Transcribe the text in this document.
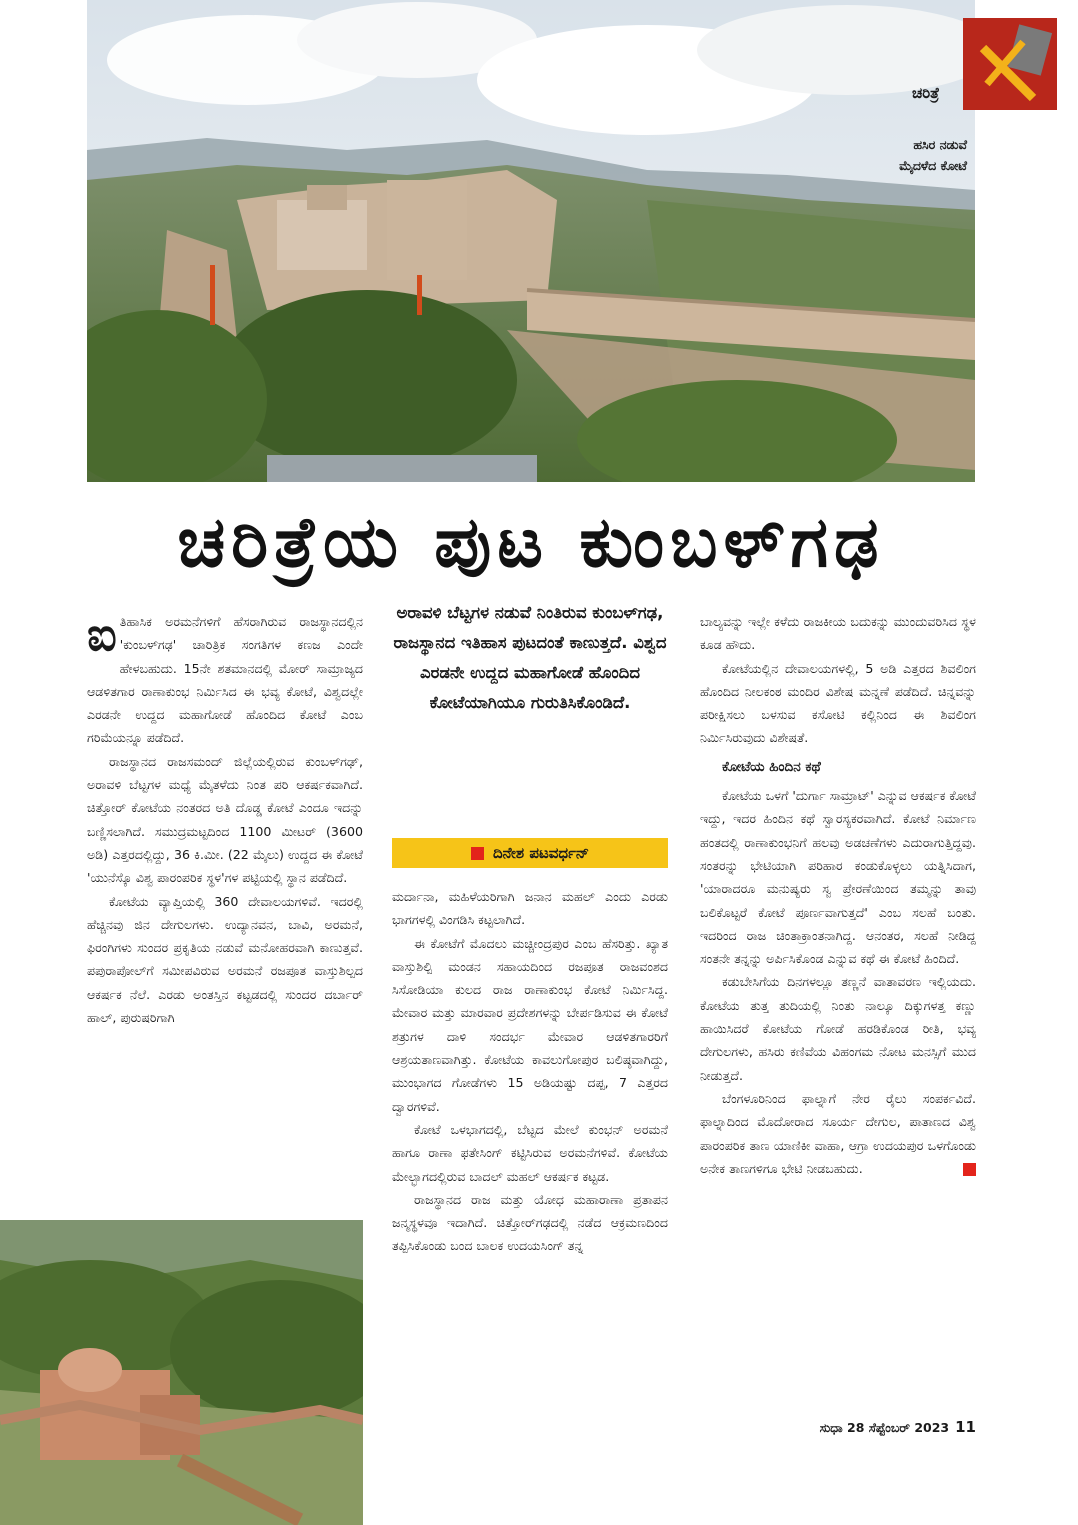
ಚರಿತ್ರೆ
ಹಸಿರ ನಡುವೆ
ಮೈದಳೆದ ಕೋಟೆ
ಚರಿತ್ರೆಯ ಪುಟ ಕುಂಬಳ್‌ಗಢ

ಐತಿಹಾಸಿಕ ಅರಮನೆಗಳಿಗೆ ಹೆಸರಾಗಿರುವ ರಾಜಸ್ಥಾನದಲ್ಲಿನ 'ಕುಂಬಳ್‌ಗಢ' ಚಾರಿತ್ರಿಕ ಸಂಗತಿಗಳ ಕಣಜ ಎಂದೇ ಹೇಳಬಹುದು. 15ನೇ ಶತಮಾನದಲ್ಲಿ ಮೋರ್ ಸಾಮ್ರಾಜ್ಯದ ಆಡಳಿತಗಾರ ರಾಣಾಕುಂಭ ನಿರ್ಮಿಸಿದ ಈ ಭವ್ಯ ಕೋಟೆ, ವಿಶ್ವದಲ್ಲೇ ಎರಡನೇ ಉದ್ದದ ಮಹಾಗೋಡೆ ಹೊಂದಿದ ಕೋಟೆ ಎಂಬ ಗರಿಮೆಯನ್ನೂ ಪಡೆದಿದೆ.

ರಾಜಸ್ಥಾನದ ರಾಜಸಮಂದ್ ಜಿಲ್ಲೆಯಲ್ಲಿರುವ ಕುಂಬಳ್‌ಗಢ್, ಅರಾವಳಿ ಬೆಟ್ಟಗಳ ಮಧ್ಯೆ ಮೈತಳೆದು ನಿಂತ ಪರಿ ಆಕರ್ಷಕವಾಗಿದೆ. ಚಿತ್ತೋರ್ ಕೋಟೆಯ ನಂತರದ ಅತಿ ದೊಡ್ಡ ಕೋಟೆ ಎಂದೂ ಇದನ್ನು ಬಣ್ಣಿಸಲಾಗಿದೆ. ಸಮುದ್ರಮಟ್ಟದಿಂದ 1100 ಮೀಟರ್ (3600 ಅಡಿ) ಎತ್ತರದಲ್ಲಿದ್ದು, 36 ಕಿ.ಮೀ. (22 ಮೈಲು) ಉದ್ದದ ಈ ಕೋಟೆ 'ಯುನೆಸ್ಕೊ ವಿಶ್ವ ಪಾರಂಪರಿಕ ಸ್ಥಳ'ಗಳ ಪಟ್ಟಿಯಲ್ಲಿ ಸ್ಥಾನ ಪಡೆದಿದೆ.

ಕೋಟೆಯ ವ್ಯಾಪ್ತಿಯಲ್ಲಿ 360 ದೇವಾಲಯಗಳಿವೆ. ಇದರಲ್ಲಿ ಹೆಚ್ಚಿನವು ಜಿನ ದೇಗುಲಗಳು. ಉದ್ಯಾನವನ, ಬಾವಿ, ಅರಮನೆ, ಫಿರಂಗಿಗಳು ಸುಂದರ ಪ್ರಕೃತಿಯ ನಡುವೆ ಮನೋಹರವಾಗಿ ಕಾಣುತ್ತವೆ. ಪಪುರಾಪೋಲ್‌ಗೆ ಸಮೀಪವಿರುವ ಅರಮನೆ ರಜಪೂತ ವಾಸ್ತುಶಿಲ್ಪದ ಆಕರ್ಷಕ ನೆಲೆ. ಎರಡು ಅಂತಸ್ತಿನ ಕಟ್ಟಡದಲ್ಲಿ ಸುಂದರ ದರ್ಬಾರ್ ಹಾಲ್, ಪುರುಷರಿಗಾಗಿ

ಅರಾವಳಿ ಬೆಟ್ಟಗಳ ನಡುವೆ ನಿಂತಿರುವ ಕುಂಬಳ್‌ಗಢ, ರಾಜಸ್ಥಾನದ ಇತಿಹಾಸ ಪುಟದಂತೆ ಕಾಣುತ್ತದೆ. ವಿಶ್ವದ ಎರಡನೇ ಉದ್ದದ ಮಹಾಗೋಡೆ ಹೊಂದಿದ ಕೋಟೆಯಾಗಿಯೂ ಗುರುತಿಸಿಕೊಂಡಿದೆ.
ದಿನೇಶ ಪಟವರ್ಧನ್

ಮರ್ದಾನಾ, ಮಹಿಳೆಯರಿಗಾಗಿ ಜನಾನ ಮಹಲ್ ಎಂದು ಎರಡು ಭಾಗಗಳಲ್ಲಿ ವಿಂಗಡಿಸಿ ಕಟ್ಟಲಾಗಿದೆ.

ಈ ಕೋಟೆಗೆ ಮೊದಲು ಮಚ್ಚೀಂದ್ರಪುರ ಎಂಬ ಹೆಸರಿತ್ತು. ಖ್ಯಾತ ವಾಸ್ತುಶಿಲ್ಪಿ ಮಂಡನ ಸಹಾಯದಿಂದ ರಜಪೂತ ರಾಜವಂಶದ ಸಿಸೋಡಿಯಾ ಕುಲದ ರಾಜ ರಾಣಾಕುಂಭ ಕೋಟೆ ನಿರ್ಮಿಸಿದ್ದ. ಮೇವಾರ ಮತ್ತು ಮಾರವಾರ ಪ್ರದೇಶಗಳನ್ನು ಬೇರ್ಪಡಿಸುವ ಈ ಕೋಟೆ ಶತ್ರುಗಳ ದಾಳಿ ಸಂದರ್ಭ ಮೇವಾರ ಆಡಳಿತಗಾರರಿಗೆ ಆಶ್ರಯತಾಣವಾಗಿತ್ತು. ಕೋಟೆಯ ಕಾವಲುಗೋಪುರ ಬಲಿಷ್ಠವಾಗಿದ್ದು, ಮುಂಭಾಗದ ಗೋಡೆಗಳು 15 ಅಡಿಯಷ್ಟು ದಪ್ಪ, 7 ಎತ್ತರದ ದ್ವಾರಗಳಿವೆ.

ಕೋಟೆ ಒಳಭಾಗದಲ್ಲಿ, ಬೆಟ್ಟದ ಮೇಲೆ ಕುಂಭನ್ ಅರಮನೆ ಹಾಗೂ ರಾಣಾ ಫತೇಸಿಂಗ್ ಕಟ್ಟಿಸಿರುವ ಅರಮನೆಗಳಿವೆ. ಕೋಟೆಯ ಮೇಲ್ಭಾಗದಲ್ಲಿರುವ ಬಾದಲ್ ಮಹಲ್ ಆಕರ್ಷಕ ಕಟ್ಟಡ.

ರಾಜಸ್ಥಾನದ ರಾಜ ಮತ್ತು ಯೋಧ ಮಹಾರಾಣಾ ಪ್ರತಾಪನ ಜನ್ಮಸ್ಥಳವೂ ಇದಾಗಿದೆ. ಚಿತ್ತೋರ್‌ಗಢದಲ್ಲಿ ನಡೆದ ಆಕ್ರಮಣದಿಂದ ತಪ್ಪಿಸಿಕೊಂಡು ಬಂದ ಬಾಲಕ ಉದಯಸಿಂಗ್ ತನ್ನ

ಬಾಲ್ಯವನ್ನು ಇಲ್ಲೇ ಕಳೆದು ರಾಜಕೀಯ ಬದುಕನ್ನು ಮುಂದುವರಿಸಿದ ಸ್ಥಳ ಕೂಡ ಹೌದು.

ಕೋಟೆಯಲ್ಲಿನ ದೇವಾಲಯಗಳಲ್ಲಿ, 5 ಅಡಿ ಎತ್ತರದ ಶಿವಲಿಂಗ ಹೊಂದಿದ ನೀಲಕಂಠ ಮಂದಿರ ವಿಶೇಷ ಮನ್ನಣೆ ಪಡೆದಿದೆ. ಚಿನ್ನವನ್ನು ಪರೀಕ್ಷಿಸಲು ಬಳಸುವ ಕಸೋಟಿ ಕಲ್ಲಿನಿಂದ ಈ ಶಿವಲಿಂಗ ನಿರ್ಮಿಸಿರುವುದು ವಿಶೇಷತೆ.

ಕೋಟೆಯ ಹಿಂದಿನ ಕಥೆ

ಕೋಟೆಯ ಒಳಗೆ 'ದುರ್ಗಾ ಸಾಮ್ರಾಟ್' ಎನ್ನುವ ಆಕರ್ಷಕ ಕೋಟೆ ಇದ್ದು, ಇದರ ಹಿಂದಿನ ಕಥೆ ಸ್ವಾರಸ್ಯಕರವಾಗಿದೆ. ಕೋಟೆ ನಿರ್ಮಾಣ ಹಂತದಲ್ಲಿ ರಾಣಾಕುಂಭನಿಗೆ ಹಲವು ಅಡಚಣೆಗಳು ಎದುರಾಗುತ್ತಿದ್ದವು. ಸಂತರನ್ನು ಭೇಟಿಯಾಗಿ ಪರಿಹಾರ ಕಂಡುಕೊಳ್ಳಲು ಯತ್ನಿಸಿದಾಗ, 'ಯಾರಾದರೂ ಮನುಷ್ಯರು ಸ್ವ ಪ್ರೇರಣೆಯಿಂದ ತಮ್ಮನ್ನು ತಾವು ಬಲಿಕೊಟ್ಟರೆ ಕೋಟೆ ಪೂರ್ಣವಾಗುತ್ತದೆ' ಎಂಬ ಸಲಹೆ ಬಂತು. ಇದರಿಂದ ರಾಜ ಚಿಂತಾಕ್ರಾಂತನಾಗಿದ್ದ. ಆನಂತರ, ಸಲಹೆ ನೀಡಿದ್ದ ಸಂತನೇ ತನ್ನನ್ನು ಅರ್ಪಿಸಿಕೊಂಡ ಎನ್ನುವ ಕಥೆ ಈ ಕೋಟೆ ಹಿಂದಿದೆ.

ಕಡುಬೇಸಿಗೆಯ ದಿನಗಳಲ್ಲೂ ತಣ್ಣನೆ ವಾತಾವರಣ ಇಲ್ಲಿಯದು. ಕೋಟೆಯ ತುತ್ತ ತುದಿಯಲ್ಲಿ ನಿಂತು ನಾಲ್ಕೂ ದಿಕ್ಕುಗಳತ್ತ ಕಣ್ಣು ಹಾಯಿಸಿದರೆ ಕೋಟೆಯ ಗೋಡೆ ಹರಡಿಕೊಂಡ ರೀತಿ, ಭವ್ಯ ದೇಗುಲಗಳು, ಹಸಿರು ಕಣಿವೆಯ ವಿಹಂಗಮ ನೋಟ ಮನಸ್ಸಿಗೆ ಮುದ ನೀಡುತ್ತದೆ.

ಬೆಂಗಳೂರಿನಿಂದ ಫಾಲ್ನಾಗೆ ನೇರ ರೈಲು ಸಂಪರ್ಕವಿದೆ. ಫಾಲ್ನಾದಿಂದ ಮೊದೋರಾದ ಸೂರ್ಯ ದೇಗುಲ, ಪಾತಾಣದ ವಿಶ್ವ ಪಾರಂಪರಿಕ ತಾಣ ಯಾಣಿಕೀ ವಾಹಾ, ಆಗ್ರಾ ಉದಯಪುರ ಒಳಗೊಂಡು ಅನೇಕ ತಾಣಗಳಿಗೂ ಭೇಟಿ ನೀಡಬಹುದು.

ಸುಧಾ 28 ಸೆಪ್ಟೆಂಬರ್ 2023 11
